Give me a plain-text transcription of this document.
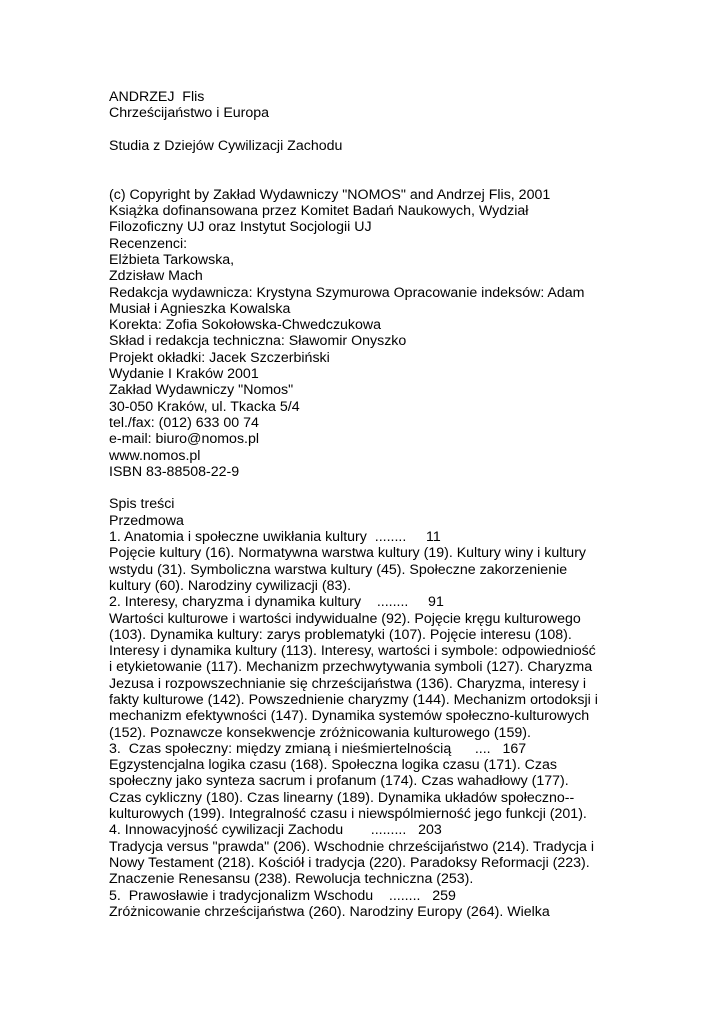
ANDRZEJ  Flis
Chrześcijaństwo i Europa
Studia z Dziejów Cywilizacji Zachodu
(c) Copyright by Zakład Wydawniczy "NOMOS" and Andrzej Flis, 2001
Książka dofinansowana przez Komitet Badań Naukowych, Wydział
Filozoficzny UJ oraz Instytut Socjologii UJ
Recenzenci:
Elżbieta Tarkowska,
Zdzisław Mach
Redakcja wydawnicza: Krystyna Szymurowa Opracowanie indeksów: Adam
Musiał i Agnieszka Kowalska
Korekta: Zofia Sokołowska-Chwedczukowa
Skład i redakcja techniczna: Sławomir Onyszko
Projekt okładki: Jacek Szczerbiński
Wydanie I Kraków 2001
Zakład Wydawniczy "Nomos"
30-050 Kraków, ul. Tkacka 5/4
tel./fax: (012) 633 00 74
e-mail: biuro@nomos.pl
www.nomos.pl
ISBN 83-88508-22-9
Spis treści
Przedmowa
1. Anatomia i społeczne uwikłania kultury  ........     11
Pojęcie kultury (16). Normatywna warstwa kultury (19). Kultury winy i kultury
wstydu (31). Symboliczna warstwa kultury (45). Społeczne zakorzenienie
kultury (60). Narodziny cywilizacji (83).
2. Interesy, charyzma i dynamika kultury    ........     91
Wartości kulturowe i wartości indywidualne (92). Pojęcie kręgu kulturowego
(103). Dynamika kultury: zarys problematyki (107). Pojęcie interesu (108).
Interesy i dynamika kultury (113). Interesy, wartości i symbole: odpowiedniość
i etykietowanie (117). Mechanizm przechwytywania symboli (127). Charyzma
Jezusa i rozpowszechnianie się chrześcijaństwa (136). Charyzma, interesy i
fakty kulturowe (142). Powszednienie charyzmy (144). Mechanizm ortodoksji i
mechanizm efektywności (147). Dynamika systemów społeczno-kulturowych
(152). Poznawcze konsekwencje zróżnicowania kulturowego (159).
3.  Czas społeczny: między zmianą i nieśmiertelnością      ....   167
Egzystencjalna logika czasu (168). Społeczna logika czasu (171). Czas
społeczny jako synteza sacrum i profanum (174). Czas wahadłowy (177).
Czas cykliczny (180). Czas linearny (189). Dynamika układów społeczno--
kulturowych (199). Integralność czasu i niewspólmierność jego funkcji (201).
4. Innowacyjność cywilizacji Zachodu       .........   203
Tradycja versus "prawda" (206). Wschodnie chrześcijaństwo (214). Tradycja i
Nowy Testament (218). Kościół i tradycja (220). Paradoksy Reformacji (223).
Znaczenie Renesansu (238). Rewolucja techniczna (253).
5.  Prawosławie i tradycjonalizm Wschodu    ........   259
Zróżnicowanie chrześcijaństwa (260). Narodziny Europy (264). Wielka
